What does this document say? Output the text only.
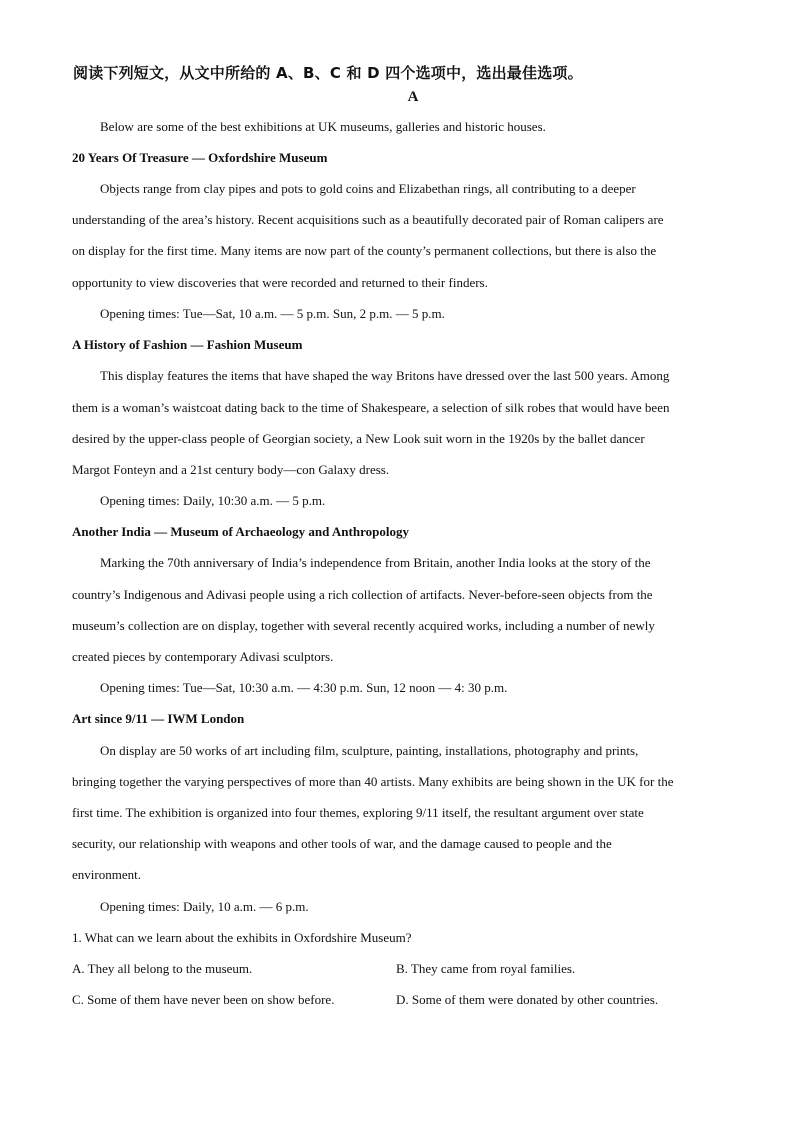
阅读下列短文，从文中所给的 A、B、C 和 D 四个选项中，选出最佳选项。
A
Below are some of the best exhibitions at UK museums, galleries and historic houses.
20 Years Of Treasure — Oxfordshire Museum
Objects range from clay pipes and pots to gold coins and Elizabethan rings, all contributing to a deeper
understanding of the area’s history. Recent acquisitions such as a beautifully decorated pair of Roman calipers are
on display for the first time. Many items are now part of the county’s permanent collections, but there is also the
opportunity to view discoveries that were recorded and returned to their finders.
Opening times: Tue—Sat, 10 a.m. — 5 p.m. Sun, 2 p.m. — 5 p.m.
A History of Fashion — Fashion Museum
This display features the items that have shaped the way Britons have dressed over the last 500 years. Among
them is a woman’s waistcoat dating back to the time of Shakespeare, a selection of silk robes that would have been
desired by the upper-class people of Georgian society, a New Look suit worn in the 1920s by the ballet dancer
Margot Fonteyn and a 21st century body—con Galaxy dress.
Opening times: Daily, 10:30 a.m. — 5 p.m.
Another India — Museum of Archaeology and Anthropology
Marking the 70th anniversary of India’s independence from Britain, another India looks at the story of the
country’s Indigenous and Adivasi people using a rich collection of artifacts. Never-before-seen objects from the
museum’s collection are on display, together with several recently acquired works, including a number of newly
created pieces by contemporary Adivasi sculptors.
Opening times: Tue—Sat, 10:30 a.m. — 4:30 p.m. Sun, 12 noon — 4: 30 p.m.
Art since 9/11 — IWM London
On display are 50 works of art including film, sculpture, painting, installations, photography and prints,
bringing together the varying perspectives of more than 40 artists. Many exhibits are being shown in the UK for the
first time. The exhibition is organized into four themes, exploring 9/11 itself, the resultant argument over state
security, our relationship with weapons and other tools of war, and the damage caused to people and the
environment.
Opening times: Daily, 10 a.m. — 6 p.m.
1. What can we learn about the exhibits in Oxfordshire Museum?
A. They all belong to the museum.	B. They came from royal families.
C. Some of them have never been on show before.	D. Some of them were donated by other countries.
